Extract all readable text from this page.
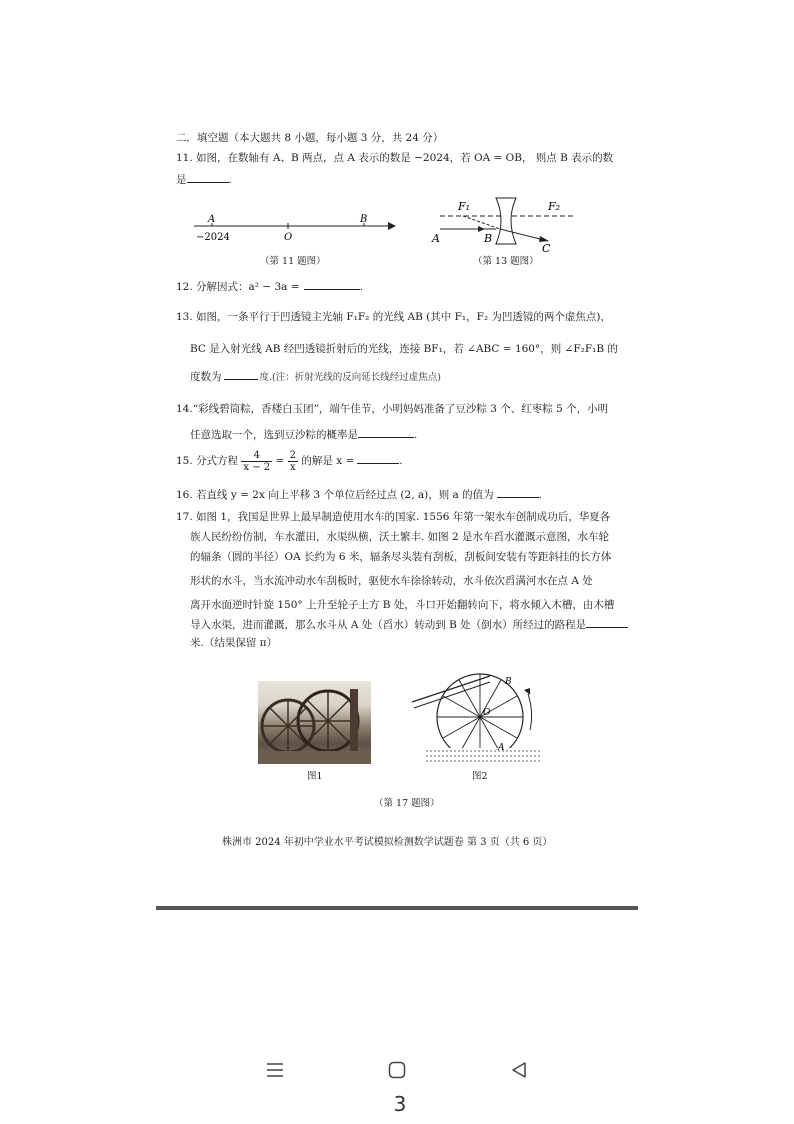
二．填空题（本大题共 8 小题，每小题 3 分，共 24 分）
11. 如图，在数轴有 A、B 两点，点 A 表示的数是 −2024，若 OA = OB， 则点 B 表示的数
是	.
A	B
O
−2024
（第 11 题图）
F₁	F₂
A	B
C
（第 13 题图）
12. 分解因式：a² − 3a =	.
13. 如图，一条平行于凹透镜主光轴 F₁F₂ 的光线 AB (其中 F₁，F₂ 为凹透镜的两个虚焦点)，
BC 是入射光线 AB 经凹透镜折射后的光线，连接 BF₁，若 ∠ABC = 160°，则 ∠F₂F₁B 的
度数为	度.(注：折射光线的反向延长线经过虚焦点)
14.“彩线碧筒粽，香楼白玉团”，端午佳节，小明妈妈准备了豆沙粽 3 个、红枣粽 5 个，小明
任意选取一个，选到豆沙粽的概率是	.
15. 分式方程 $\frac{4}{x - 2} = \frac{2}{x}$ 的解是 x =	.
16. 若直线 y = 2x 向上平移 3 个单位后经过点 (2, a)，则 a 的值为	.
17. 如图 1，我国是世界上最早制造使用水车的国家. 1556 年第一架水车创制成功后，华夏各
族人民纷纷仿制，车水灌田，水渠纵横，沃土繁丰. 如图 2 是水车舀水灌溉示意图，水车轮
的辐条（圆的半径）OA 长约为 6 米，辐条尽头装有刮板，刮板间安装有等距斜挂的长方体
形状的水斗，当水流冲动水车刮板时，驱使水车徐徐转动，水斗依次舀满河水在点 A 处
离开水面逆时针旋 150° 上升至轮子上方 B 处，斗口开始翻转向下，将水倾入木槽，由木槽
导入水渠，进而灌溉，那么水斗从 A 处（舀水）转动到 B 处（倒水）所经过的路程是
米.（结果保留 π）
图1
B
O
A
图2
（第 17 题图）
株洲市 2024 年初中学业水平考试模拟检测数学试题卷 第 3 页（共 6 页）
3
